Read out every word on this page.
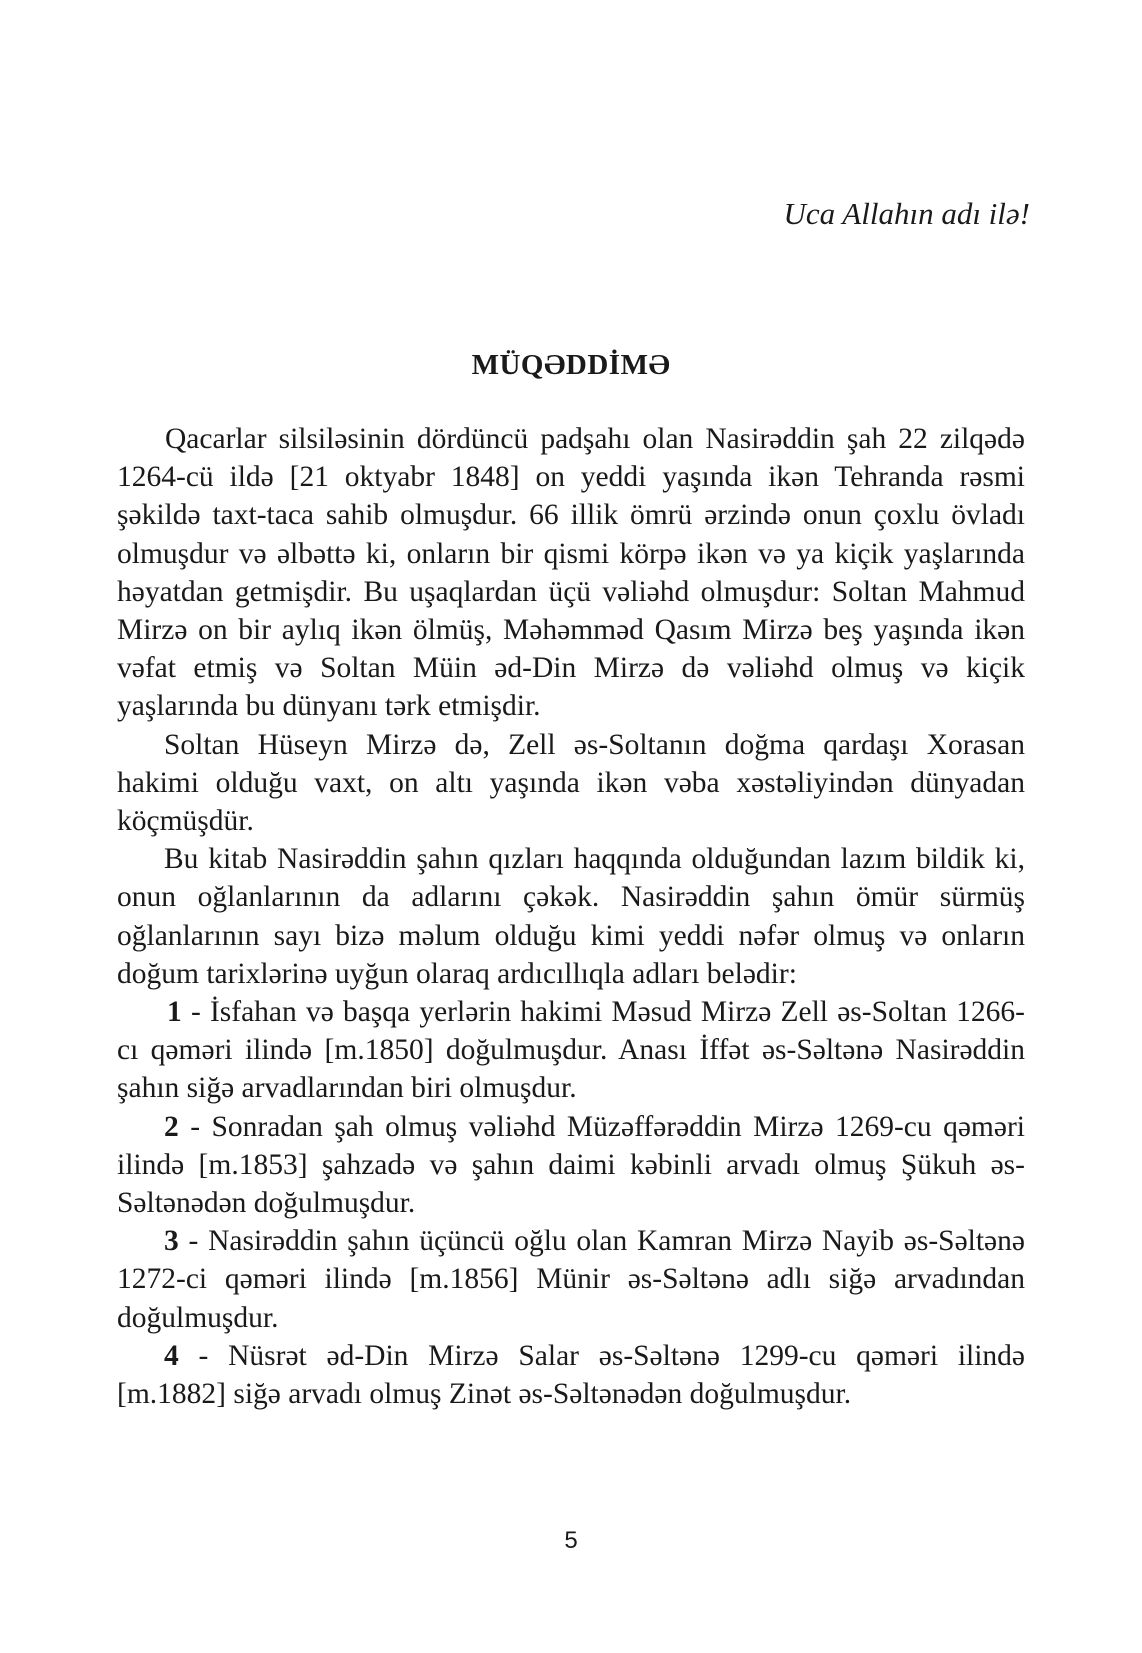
Uca Allahın adı ilə!
MÜQƏDDİMƏ

Qacarlar silsiləsinin dördüncü padşahı olan Nasirəddin şah 22 zilqədə 1264-cü ildə [21 oktyabr 1848] on yeddi yaşında ikən Tehranda rəsmi şəkildə taxt-taca sahib olmuşdur. 66 illik ömrü ərzində onun çoxlu övladı olmuşdur və əlbəttə ki, onların bir qismi körpə ikən və ya kiçik yaşlarında həyatdan getmişdir. Bu uşaqlardan üçü vəliəhd olmuşdur: Soltan Mahmud Mirzə on bir aylıq ikən ölmüş, Məhəmməd Qasım Mirzə beş yaşında ikən vəfat etmiş və Soltan Müin əd-Din Mirzə də vəliəhd olmuş və kiçik yaşlarında bu dünyanı tərk etmişdir.

Soltan Hüseyn Mirzə də, Zell əs-Soltanın doğma qardaşı Xorasan hakimi olduğu vaxt, on altı yaşında ikən vəba xəstəliyindən dünyadan köçmüşdür.

Bu kitab Nasirəddin şahın qızları haqqında olduğundan lazım bildik ki, onun oğlanlarının da adlarını çəkək. Nasirəddin şahın ömür sürmüş oğlanlarının sayı bizə məlum olduğu kimi yeddi nəfər olmuş və onların doğum tarixlərinə uyğun olaraq ardıcıllıqla adları belədir:

1 - İsfahan və başqa yerlərin hakimi Məsud Mirzə Zell əs-Soltan 1266-cı qəməri ilində [m.1850] doğulmuşdur. Anası İffət əs-Səltənə Nasirəddin şahın siğə arvadlarından biri olmuşdur.

2 - Sonradan şah olmuş vəliəhd Müzəffərəddin Mirzə 1269-cu qəməri ilində [m.1853] şahzadə və şahın daimi kəbinli arvadı olmuş Şükuh əs-Səltənədən doğulmuşdur.

3 - Nasirəddin şahın üçüncü oğlu olan Kamran Mirzə Nayib əs-Səltənə 1272-ci qəməri ilində [m.1856] Münir əs-Səltənə adlı siğə arvadından doğulmuşdur.

4 - Nüsrət əd-Din Mirzə Salar əs-Səltənə 1299-cu qəməri ilində [m.1882] siğə arvadı olmuş Zinət əs-Səltənədən doğulmuşdur.

5
